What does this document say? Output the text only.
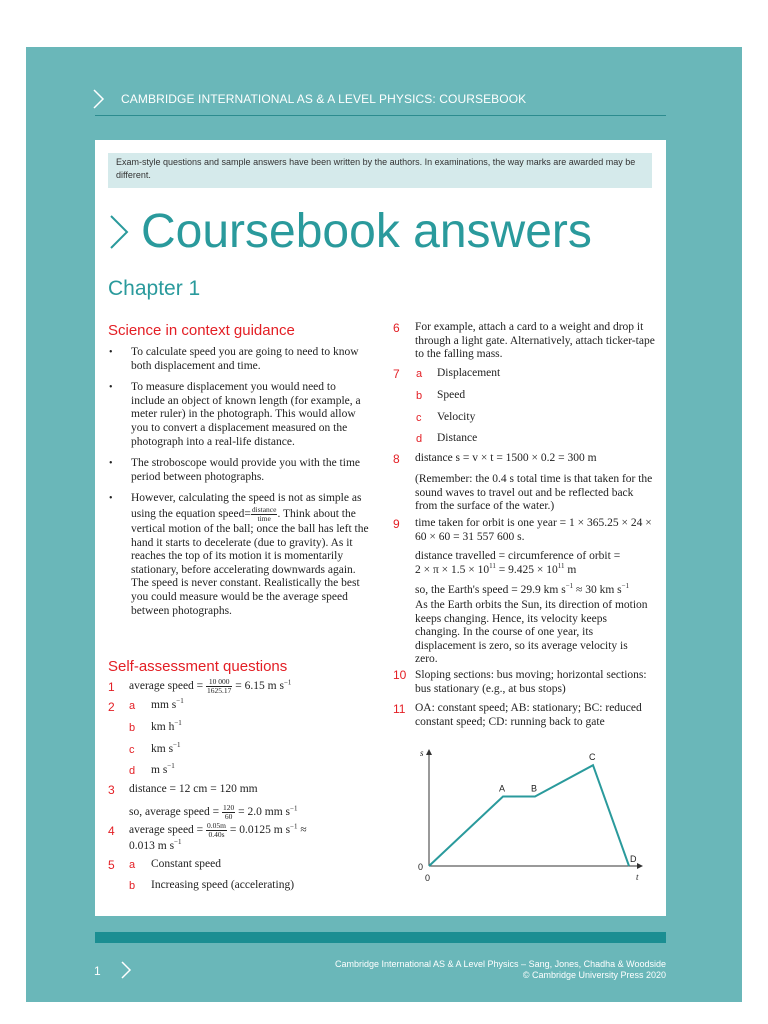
CAMBRIDGE INTERNATIONAL AS & A LEVEL PHYSICS: COURSEBOOK
Exam-style questions and sample answers have been written by the authors. In examinations, the way marks are awarded may be different.
Coursebook answers
Chapter 1
Science in context guidance
•	To calculate speed you are going to need to know both displacement and time.
•	To measure displacement you would need to include an object of known length (for example, a meter ruler) in the photograph. This would allow you to convert a displacement measured on the photograph into a real-life distance.
•	The stroboscope would provide you with the time period between photographs.
•	However, calculating the speed is not as simple as using the equation speed= $\frac{\text{distance}}{\text{time}}$ . Think about the vertical motion of the ball; once the ball has left the hand it starts to decelerate (due to gravity). As it reaches the top of its motion it is momentarily stationary, before accelerating downwards again. The speed is never constant. Realistically the best you could measure would be the average speed between photographs.
Self-assessment questions
1 average speed = $\frac{10 000}{1625.17} = 6.15$ m $s^{-1}$
2 a mm $s^{-1}$
b km $h^{-1}$
c km $s^{-1}$
d m $s^{-1}$
3 distance = 12 cm = 120 mm
so, average speed = $\frac{120}{60} = 2.0$ mm $s^{-1}$
4 average speed = $\frac{0.05m}{0.40s} = 0.0125$ m $s^{-1}$ ≈
0.013 m $s^{-1}$
5 a Constant speed
b Increasing speed (accelerating)
6 For example, attach a card to a weight and drop it through a light gate. Alternatively, attach ticker-tape to the falling mass.
7 a Displacement
b Speed
c Velocity
d Distance
8 distance s = v × t = 1500 × 0.2 = 300 m
(Remember: the 0.4 s total time is that taken for the sound waves to travel out and be reflected back from the surface of the water.)
9 time taken for orbit is one year = 1 × 365.25 × 24 × 60 × 60 = 31 557 600 s.
distance travelled = circumference of orbit =
$2 \times \pi \times 1.5 \times 10^{11} = 9.425 \times 10^{11}$ m
so, the Earth's speed = 29.9 km $s^{-1} \approx 30$ km $s^{-1}$
As the Earth orbits the Sun, its direction of motion keeps changing. Hence, its velocity keeps changing. In the course of one year, its displacement is zero, so its average velocity is zero.
10 Sloping sections: bus moving; horizontal sections: bus stationary (e.g., at bus stops)
11 OA: constant speed; AB: stationary; BC: reduced constant speed; CD: running back to gate
s
t
0
0
A	B
C
D
1	Cambridge International AS & A Level Physics – Sang, Jones, Chadha & Woodside
© Cambridge University Press 2020
